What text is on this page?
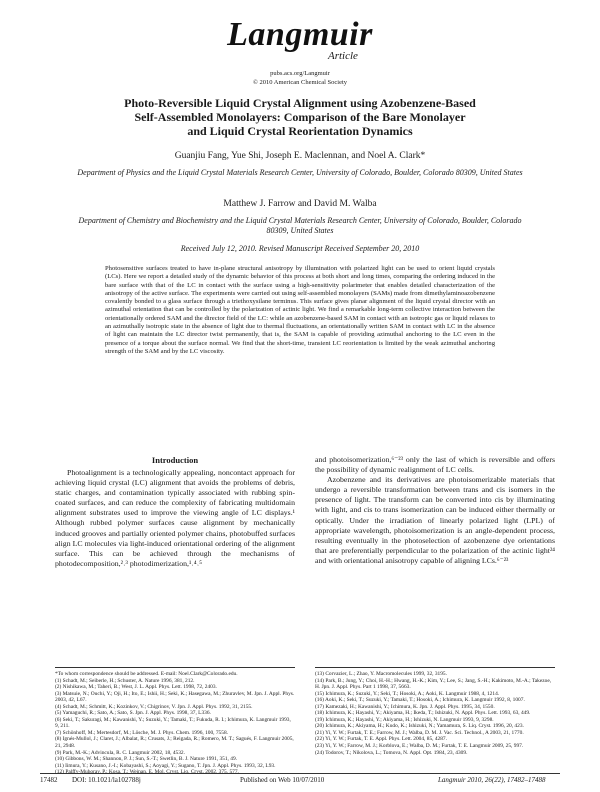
Langmuir
Article
pubs.acs.org/Langmuir
© 2010 American Chemical Society
Photo-Reversible Liquid Crystal Alignment using Azobenzene-Based
Self-Assembled Monolayers: Comparison of the Bare Monolayer
and Liquid Crystal Reorientation Dynamics
Guanjiu Fang, Yue Shi, Joseph E. Maclennan, and Noel A. Clark*
Department of Physics and the Liquid Crystal Materials Research Center, University of Colorado, Boulder, Colorado 80309, United States
Matthew J. Farrow and David M. Walba
Department of Chemistry and Biochemistry and the Liquid Crystal Materials Research Center, University of Colorado, Boulder, Colorado 80309, United States
Received July 12, 2010. Revised Manuscript Received September 20, 2010
Photosensitive surfaces treated to have in-plane structural anisotropy by illumination with polarized light can be used to orient liquid crystals (LCs). Here we report a detailed study of the dynamic behavior of this process at both short and long times, comparing the ordering induced in the bare surface with that of the LC in contact with the surface using a high-sensitivity polarimeter that enables detailed characterization of the anisotropy of the active surface. The experiments were carried out using self-assembled monolayers (SAMs) made from dimethylaminoazobenzene covalently bonded to a glass surface through a triethoxysilane terminus. This surface gives planar alignment of the liquid crystal director with an azimuthal orientation that can be controlled by the polarization of actinic light. We find a remarkable long-term collective interaction between the orientationally ordered SAM and the director field of the LC: while an azobenzene-based SAM in contact with an isotropic gas or liquid relaxes to an azimuthally isotropic state in the absence of light due to thermal fluctuations, an orientationally written SAM in contact with LC in the absence of light can maintain the LC director twist permanently, that is, the SAM is capable of providing azimuthal anchoring to the LC even in the presence of a torque about the surface normal. We find that the short-time, transient LC reorientation is limited by the weak azimuthal anchoring strength of the SAM and by the LC viscosity.
Introduction
Photoalignment is a technologically appealing, noncontact approach for achieving liquid crystal (LC) alignment that avoids the problems of debris, static charges, and contamination typically associated with rubbing spin-coated surfaces, and can reduce the complexity of fabricating multidomain alignment substrates used to improve the viewing angle of LC displays.¹ Although rubbed polymer surfaces cause alignment by mechanically induced grooves and partially oriented polymer chains, photobuffed surfaces align LC molecules via light-induced orientational ordering of the alignment surface. This can be achieved through the mechanisms of photodecomposition,²˒³ photodimerization,¹˒⁴˒⁵

and photoisomerization,⁶⁻²³ only the last of which is reversible and offers the possibility of dynamic realignment of LC cells.

Azobenzene and its derivatives are photoisomerizable materials that undergo a reversible transformation between trans and cis isomers in the presence of light. The transform can be converted into cis by illuminating with light, and cis to trans isomerization can be induced either thermally or optically. Under the irradiation of linearly polarized light (LPL) of appropriate wavelength, photoisomerization is an angle-dependent process, resulting eventually in the photoselection of azobenzene dye orientations that are preferentially perpendicular to the polarization of the actinic light²⁴ and with orientational anisotropy capable of aligning LCs.⁶⁻²³

*To whom correspondence should be addressed. E-mail: Noel.Clark@Colorado.edu.
(1) Schadt, M.; Seiberle, H.; Schuster, A. Nature 1996, 381, 212.
(2) Nishikawa, M.; Taheri, B.; West, J. L. Appl. Phys. Lett. 1998, 72, 2403.
(3) Matsuie, N.; Ouchi, Y.; Oji, H.; Ito, E.; Ishii, H.; Seki, K.; Hasegawa, M.; Zhuravlev, M. Jpn. J. Appl. Phys. 2003, 42, L67.
(4) Schadt, M.; Schmitt, K.; Kozinkov, V.; Chigrinov, V. Jpn. J. Appl. Phys. 1992, 31, 2155.
(5) Yamaguchi, R.; Sato, A.; Sato, S. Jpn. J. Appl. Phys. 1998, 37, L336.
(6) Seki, T.; Sakuragi, M.; Kawanishi, Y.; Suzuki, Y.; Tamaki, T.; Fukuda, R. I.; Ichimura, K. Langmuir 1993, 9, 211.
(7) Schönhoff, M.; Mertesdorf, M.; Lösche, M. J. Phys. Chem. 1996, 100, 7558.
(8) Ignés-Mullol, J.; Claret, J.; Albalat, R.; Crusats, J.; Reigada, R.; Romero, M. T.; Sagués, F. Langmuir 2005, 21, 2948.
(9) Park, M.-K.; Advincula, R. C. Langmuir 2002, 18, 4532.
(10) Gibbons, W. M.; Shannon, P. J.; Sun, S.-T.; Swetlin, B. J. Nature 1991, 351, 49.
(11) Iimura, Y.; Kusano, J.-I.; Kobayashi, S.; Aoyagi, Y.; Sugano, T. Jpn. J. Appl. Phys. 1993, 32, L93.
(12) Palffy-Muhoray, P.; Kosa, T.; Weinan, E. Mol. Cryst. Liq. Cryst. 2002, 375, 577.
(13) Corvazier, L.; Zhao, Y. Macromolecules 1999, 32, 3195.
(14) Park, B.; Jung, Y.; Choi, H.-H.; Hwang, H.-K.; Kim, Y.; Lee, S.; Jang, S.-H.; Kakimoto, M.-A.; Takezoe, H. Jpn. J. Appl. Phys. Part 1 1998, 37, 5663.
(15) Ichimura, K.; Suzuki, Y.; Seki, T.; Hosoki, A.; Aoki, K. Langmuir 1988, 4, 1214.
(16) Aoki, K.; Seki, T.; Suzuki, Y.; Tamaki, T.; Hosoki, A.; Ichimura, K. Langmuir 1992, 8, 1007.
(17) Kamezaki, H.; Kawanishi, Y.; Ichimura, K. Jpn. J. Appl. Phys. 1995, 34, 1550.
(18) Ichimura, K.; Hayashi, Y.; Akiyama, H.; Ikeda, T.; Ishizuki, N. Appl. Phys. Lett. 1993, 63, 449.
(19) Ichimura, K.; Hayashi, Y.; Akiyama, H.; Ishizuki, N. Langmuir 1993, 9, 3298.
(20) Ichimura, K.; Akiyama, H.; Kudo, K.; Ishizuki, N.; Yamamura, S. Liq. Cryst. 1996, 20, 423.
(21) Yi, Y. W.; Furtak, T. E.; Farrow, M. J.; Walba, D. M. J. Vac. Sci. Technol., A 2003, 21, 1770.
(22) Yi, Y. W.; Furtak, T. E. Appl. Phys. Lett. 2004, 85, 4287.
(23) Yi, Y. W.; Farrow, M. J.; Korblova, E.; Walba, D. M.; Furtak, T. E. Langmuir 2009, 25, 997.
(24) Todorov, T.; Nikolova, L.; Tomova, N. Appl. Opt. 1984, 23, 4309.
17482 DOI: 10.1021/la102788j	Published on Web 10/07/2010	Langmuir 2010, 26(22), 17482–17488
